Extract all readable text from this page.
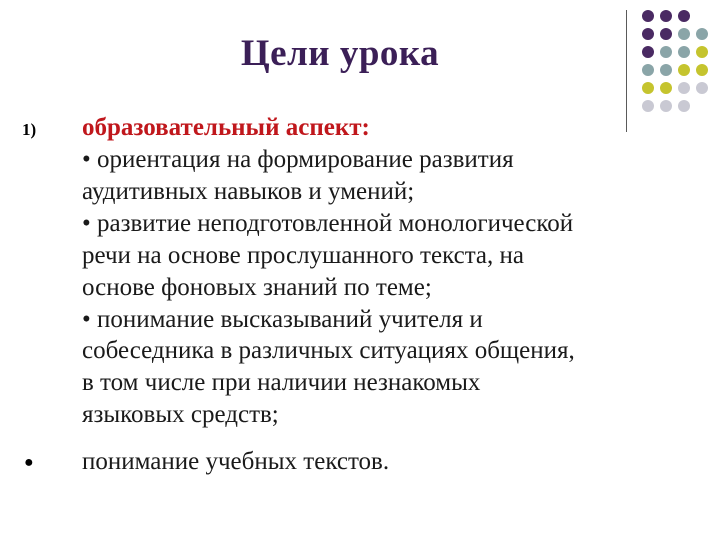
Цели урока
1) образовательный аспект:
• ориентация на формирование развития
аудитивных навыков и умений;
• развитие неподготовленной монологической
речи на основе прослушанного текста, на
основе фоновых знаний по теме;
• понимание высказываний учителя и
собеседника в различных ситуациях общения,
в том числе при наличии незнакомых
языковых средств;
● понимание учебных текстов.
